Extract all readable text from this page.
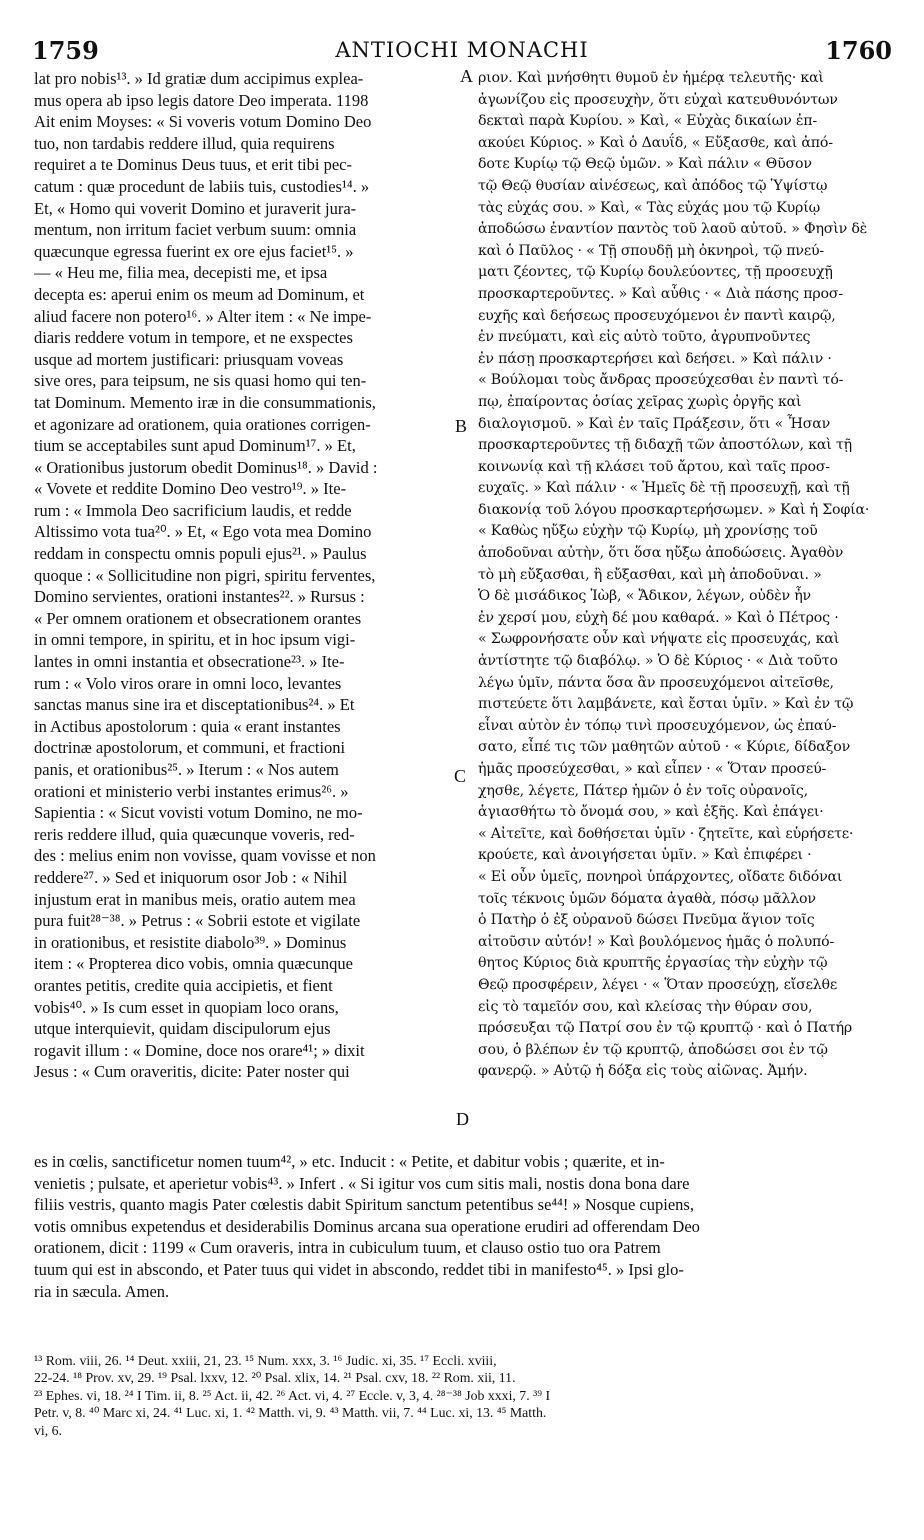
1759	ANTIOCHI MONACHI	1760
lat pro nobis¹³. » Id gratiæ dum accipimus explea-
mus opera ab ipso legis datore Deo imperata. 1198
Ait enim Moyses: « Si voveris votum Domino Deo
tuo, non tardabis reddere illud, quia requirens
requiret a te Dominus Deus tuus, et erit tibi pec-
catum : quæ procedunt de labiis tuis, custodies¹⁴. »
Et, « Homo qui voverit Domino et juraverit jura-
mentum, non irritum faciet verbum suum: omnia
quæcunque egressa fuerint ex ore ejus faciet¹⁵. »
— « Heu me, filia mea, decepisti me, et ipsa
decepta es: aperui enim os meum ad Dominum, et
aliud facere non potero¹⁶. » Alter item : « Ne impe-
diaris reddere votum in tempore, et ne exspectes
usque ad mortem justificari: priusquam voveas
sive ores, para teipsum, ne sis quasi homo qui ten-
tat Dominum. Memento iræ in die consummationis,
et agonizare ad orationem, quia orationes corrigen-
tium se acceptabiles sunt apud Dominum¹⁷. » Et,
« Orationibus justorum obedit Dominus¹⁸. » David :
« Vovete et reddite Domino Deo vestro¹⁹. » Ite-
rum : « Immola Deo sacrificium laudis, et redde
Altissimo vota tua²⁰. » Et, « Ego vota mea Domino
reddam in conspectu omnis populi ejus²¹. » Paulus
quoque : « Sollicitudine non pigri, spiritu ferventes,
Domino servientes, orationi instantes²². » Rursus :
« Per omnem orationem et obsecrationem orantes
in omni tempore, in spiritu, et in hoc ipsum vigi-
lantes in omni instantia et obsecratione²³. » Ite-
rum : « Volo viros orare in omni loco, levantes
sanctas manus sine ira et disceptationibus²⁴. » Et
in Actibus apostolorum : quia « erant instantes
doctrinæ apostolorum, et communi, et fractioni
panis, et orationibus²⁵. » Iterum : « Nos autem
orationi et ministerio verbi instantes erimus²⁶. »
Sapientia : « Sicut vovisti votum Domino, ne mo-
reris reddere illud, quia quæcunque voveris, red-
des : melius enim non vovisse, quam vovisse et non
reddere²⁷. » Sed et iniquorum osor Job : « Nihil
injustum erat in manibus meis, oratio autem mea
pura fuit²⁸⁻³⁸. » Petrus : « Sobrii estote et vigilate
in orationibus, et resistite diabolo³⁹. » Dominus
item : « Propterea dico vobis, omnia quæcunque
orantes petitis, credite quia accipietis, et fient
vobis⁴⁰. » Is cum esset in quopiam loco orans,
utque interquievit, quidam discipulorum ejus
rogavit illum : « Domine, doce nos orare⁴¹; » dixit
Jesus : « Cum oraveritis, dicite: Pater noster qui
ριον. Καὶ μνήσθητι θυμοῦ ἐν ἡμέρᾳ τελευτῆς· καὶ
ἀγωνίζου εἰς προσευχὴν, ὅτι εὐχαὶ κατευθυνόντων
δεκταὶ παρὰ Κυρίου. » Καὶ, « Εὐχὰς δικαίων ἐπ-
ακούει Κύριος. » Καὶ ὁ Δαυΐδ, « Εὔξασθε, καὶ ἀπό-
δοτε Κυρίῳ τῷ Θεῷ ὑμῶν. » Καὶ πάλιν « Θῦσον
τῷ Θεῷ θυσίαν αἰνέσεως, καὶ ἀπόδος τῷ Ὑψίστῳ
τὰς εὐχάς σου. » Καὶ, « Τὰς εὐχάς μου τῷ Κυρίῳ
ἀποδώσω ἐναντίον παντὸς τοῦ λαοῦ αὐτοῦ. » Φησὶν δὲ
καὶ ὁ Παῦλος · « Τῇ σπουδῇ μὴ ὀκνηροὶ, τῷ πνεύ-
ματι ζέοντες, τῷ Κυρίῳ δουλεύοντες, τῇ προσευχῇ
προσκαρτεροῦντες. » Καὶ αὖθις · « Διὰ πάσης προσ-
ευχῆς καὶ δεήσεως προσευχόμενοι ἐν παντὶ καιρῷ,
ἐν πνεύματι, καὶ εἰς αὐτὸ τοῦτο, ἀγρυπνοῦντες
ἐν πάσῃ προσκαρτερήσει καὶ δεήσει. » Καὶ πάλιν ·
« Βούλομαι τοὺς ἄνδρας προσεύχεσθαι ἐν παντὶ τό-
πῳ, ἐπαίροντας ὁσίας χεῖρας χωρὶς ὀργῆς καὶ
διαλογισμοῦ. » Καὶ ἐν ταῖς Πράξεσιν, ὅτι « Ἦσαν
προσκαρτεροῦντες τῇ διδαχῇ τῶν ἀποστόλων, καὶ τῇ
κοινωνίᾳ καὶ τῇ κλάσει τοῦ ἄρτου, καὶ ταῖς προσ-
ευχαῖς. » Καὶ πάλιν · « Ἡμεῖς δὲ τῇ προσευχῇ, καὶ τῇ
διακονίᾳ τοῦ λόγου προσκαρτερήσωμεν. » Καὶ ἡ Σοφία·
« Καθὼς ηὔξω εὐχὴν τῷ Κυρίῳ, μὴ χρονίσῃς τοῦ
ἀποδοῦναι αὐτὴν, ὅτι ὅσα ηὔξω ἀποδώσεις. Ἀγαθὸν
τὸ μὴ εὔξασθαι, ἢ εὔξασθαι, καὶ μὴ ἀποδοῦναι. »
Ὁ δὲ μισάδικος Ἰὼβ, « Ἄδικον, λέγων, οὐδὲν ἦν
ἐν χερσί μου, εὐχὴ δέ μου καθαρά. » Καὶ ὁ Πέτρος ·
« Σωφρονήσατε οὖν καὶ νήψατε εἰς προσευχάς, καὶ
ἀντίστητε τῷ διαβόλῳ. » Ὁ δὲ Κύριος · « Διὰ τοῦτο
λέγω ὑμῖν, πάντα ὅσα ἂν προσευχόμενοι αἰτεῖσθε,
πιστεύετε ὅτι λαμβάνετε, καὶ ἔσται ὑμῖν. » Καὶ ἐν τῷ
εἶναι αὐτὸν ἐν τόπῳ τινὶ προσευχόμενον, ὡς ἐπαύ-
σατο, εἶπέ τις τῶν μαθητῶν αὐτοῦ · « Κύριε, δίδαξον
ἡμᾶς προσεύχεσθαι, » καὶ εἶπεν · « Ὅταν προσεύ-
χησθε, λέγετε, Πάτερ ἡμῶν ὁ ἐν τοῖς οὐρανοῖς,
ἁγιασθήτω τὸ ὄνομά σου, » καὶ ἑξῆς. Καὶ ἐπάγει·
« Αἰτεῖτε, καὶ δοθήσεται ὑμῖν · ζητεῖτε, καὶ εὑρήσετε·
κρούετε, καὶ ἀνοιγήσεται ὑμῖν. » Καὶ ἐπιφέρει ·
« Εἰ οὖν ὑμεῖς, πονηροὶ ὑπάρχοντες, οἴδατε διδόναι
τοῖς τέκνοις ὑμῶν δόματα ἀγαθὰ, πόσῳ μᾶλλον
ὁ Πατὴρ ὁ ἐξ οὐρανοῦ δώσει Πνεῦμα ἅγιον τοῖς
αἰτοῦσιν αὐτόν! » Καὶ βουλόμενος ἡμᾶς ὁ πολυπό-
θητος Κύριος διὰ κρυπτῆς ἐργασίας τὴν εὐχὴν τῷ
Θεῷ προσφέρειν, λέγει · « Ὅταν προσεύχῃ, εἴσελθε
εἰς τὸ ταμεῖόν σου, καὶ κλείσας τὴν θύραν σου,
πρόσευξαι τῷ Πατρί σου ἐν τῷ κρυπτῷ · καὶ ὁ Πατήρ
σου, ὁ βλέπων ἐν τῷ κρυπτῷ, ἀποδώσει σοι ἐν τῷ
φανερῷ. » Αὐτῷ ἡ δόξα εἰς τοὺς αἰῶνας. Ἀμήν.
A
B
C
D
es in cœlis, sanctificetur nomen tuum⁴², » etc. Inducit : « Petite, et dabitur vobis ; quærite, et in-
venietis ; pulsate, et aperietur vobis⁴³. » Infert . « Si igitur vos cum sitis mali, nostis dona bona dare
filiis vestris, quanto magis Pater cœlestis dabit Spiritum sanctum petentibus se⁴⁴! » Nosque cupiens,
votis omnibus expetendus et desiderabilis Dominus arcana sua operatione erudiri ad offerendam Deo
orationem, dicit : 1199 « Cum oraveris, intra in cubiculum tuum, et clauso ostio tuo ora Patrem
tuum qui est in abscondo, et Pater tuus qui videt in abscondo, reddet tibi in manifesto⁴⁵. » Ipsi glo-
ria in sæcula. Amen.
¹³ Rom. viii, 26. ¹⁴ Deut. xxiii, 21, 23. ¹⁵ Num. xxx, 3. ¹⁶ Judic. xi, 35. ¹⁷ Eccli. xviii,
22-24. ¹⁸ Prov. xv, 29. ¹⁹ Psal. lxxv, 12. ²⁰ Psal. xlix, 14. ²¹ Psal. cxv, 18. ²² Rom. xii, 11.
²³ Ephes. vi, 18. ²⁴ I Tim. ii, 8. ²⁵ Act. ii, 42. ²⁶ Act. vi, 4. ²⁷ Eccle. v, 3, 4. ²⁸⁻³⁸ Job xxxi, 7. ³⁹ I
Petr. v, 8. ⁴⁰ Marc xi, 24. ⁴¹ Luc. xi, 1. ⁴² Matth. vi, 9. ⁴³ Matth. vii, 7. ⁴⁴ Luc. xi, 13. ⁴⁵ Matth.
vi, 6.
